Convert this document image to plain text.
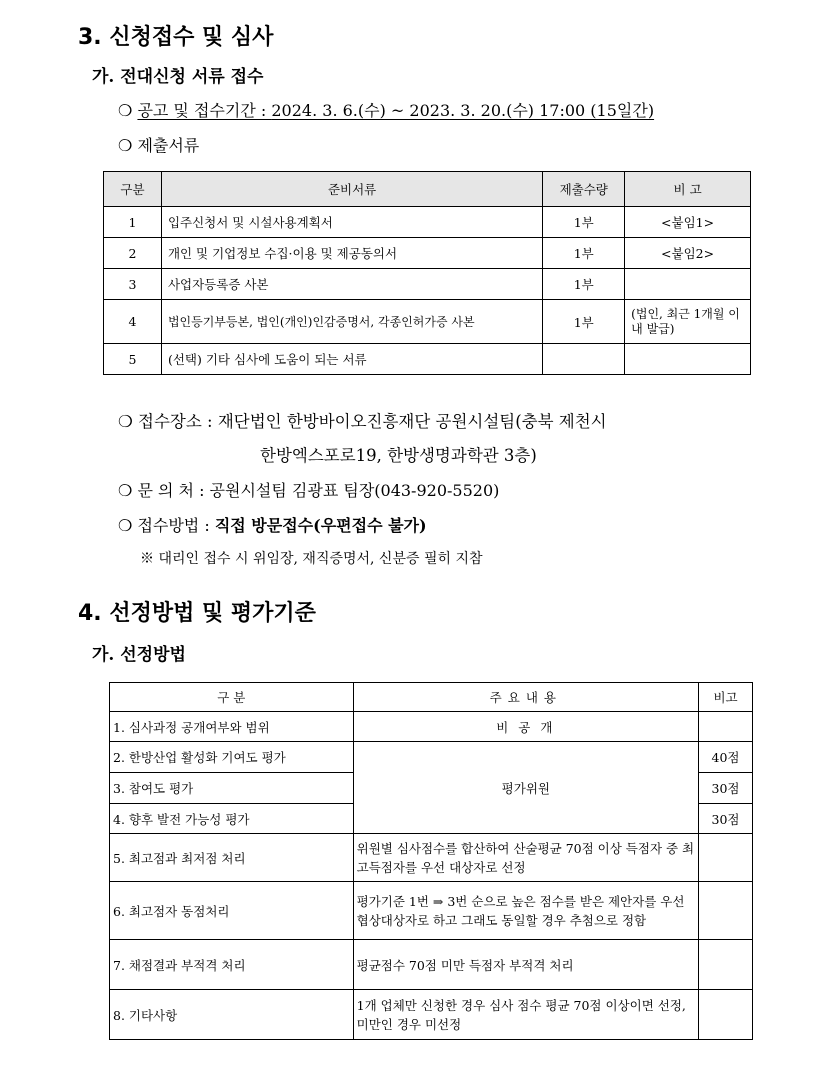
3. 신청접수 및 심사
가. 전대신청 서류 접수
❍ 공고 및 접수기간 : 2024. 3. 6.(수) ~ 2023. 3. 20.(수) 17:00 (15일간)
❍ 제출서류
구분	준비서류	제출수량	비 고
1	입주신청서 및 시설사용계획서	1부	<붙임1>
2	개인 및 기업정보 수집·이용 및 제공동의서	1부	<붙임2>
3	사업자등록증 사본	1부	
4	법인등기부등본, 법인(개인)인감증명서, 각종인허가증 사본	1부	(법인, 최근 1개월 이내 발급)
5	(선택) 기타 심사에 도움이 되는 서류		
❍ 접수장소 : 재단법인 한방바이오진흥재단 공원시설팀(충북 제천시
한방엑스포로19, 한방생명과학관 3층)
❍ 문 의 처 : 공원시설팀 김광표 팀장(043-920-5520)
❍ 접수방법 : 직접 방문접수(우편접수 불가)
※ 대리인 접수 시 위임장, 재직증명서, 신분증 필히 지참
4. 선정방법 및 평가기준
가. 선정방법
구 분	주요내용	비고
1. 심사과정 공개여부와 범위	비 공 개	
2. 한방산업 활성화 기여도 평가	평가위원	40점
3. 참여도 평가		30점
4. 향후 발전 가능성 평가		30점
5. 최고점과 최저점 처리	위원별 심사점수를 합산하여 산술평균 70점 이상 득점자 중 최고득점자를 우선 대상자로 선정	
6. 최고점자 동점처리	평가기준 1번 ⇒ 3번 순으로 높은 점수를 받은 제안자를 우선협상대상자로 하고 그래도 동일할 경우 추첨으로 정함	
7. 채점결과 부적격 처리	평균점수 70점 미만 득점자 부적격 처리	
8. 기타사항	1개 업체만 신청한 경우 심사 점수 평균 70점 이상이면 선정, 미만인 경우 미선정	
